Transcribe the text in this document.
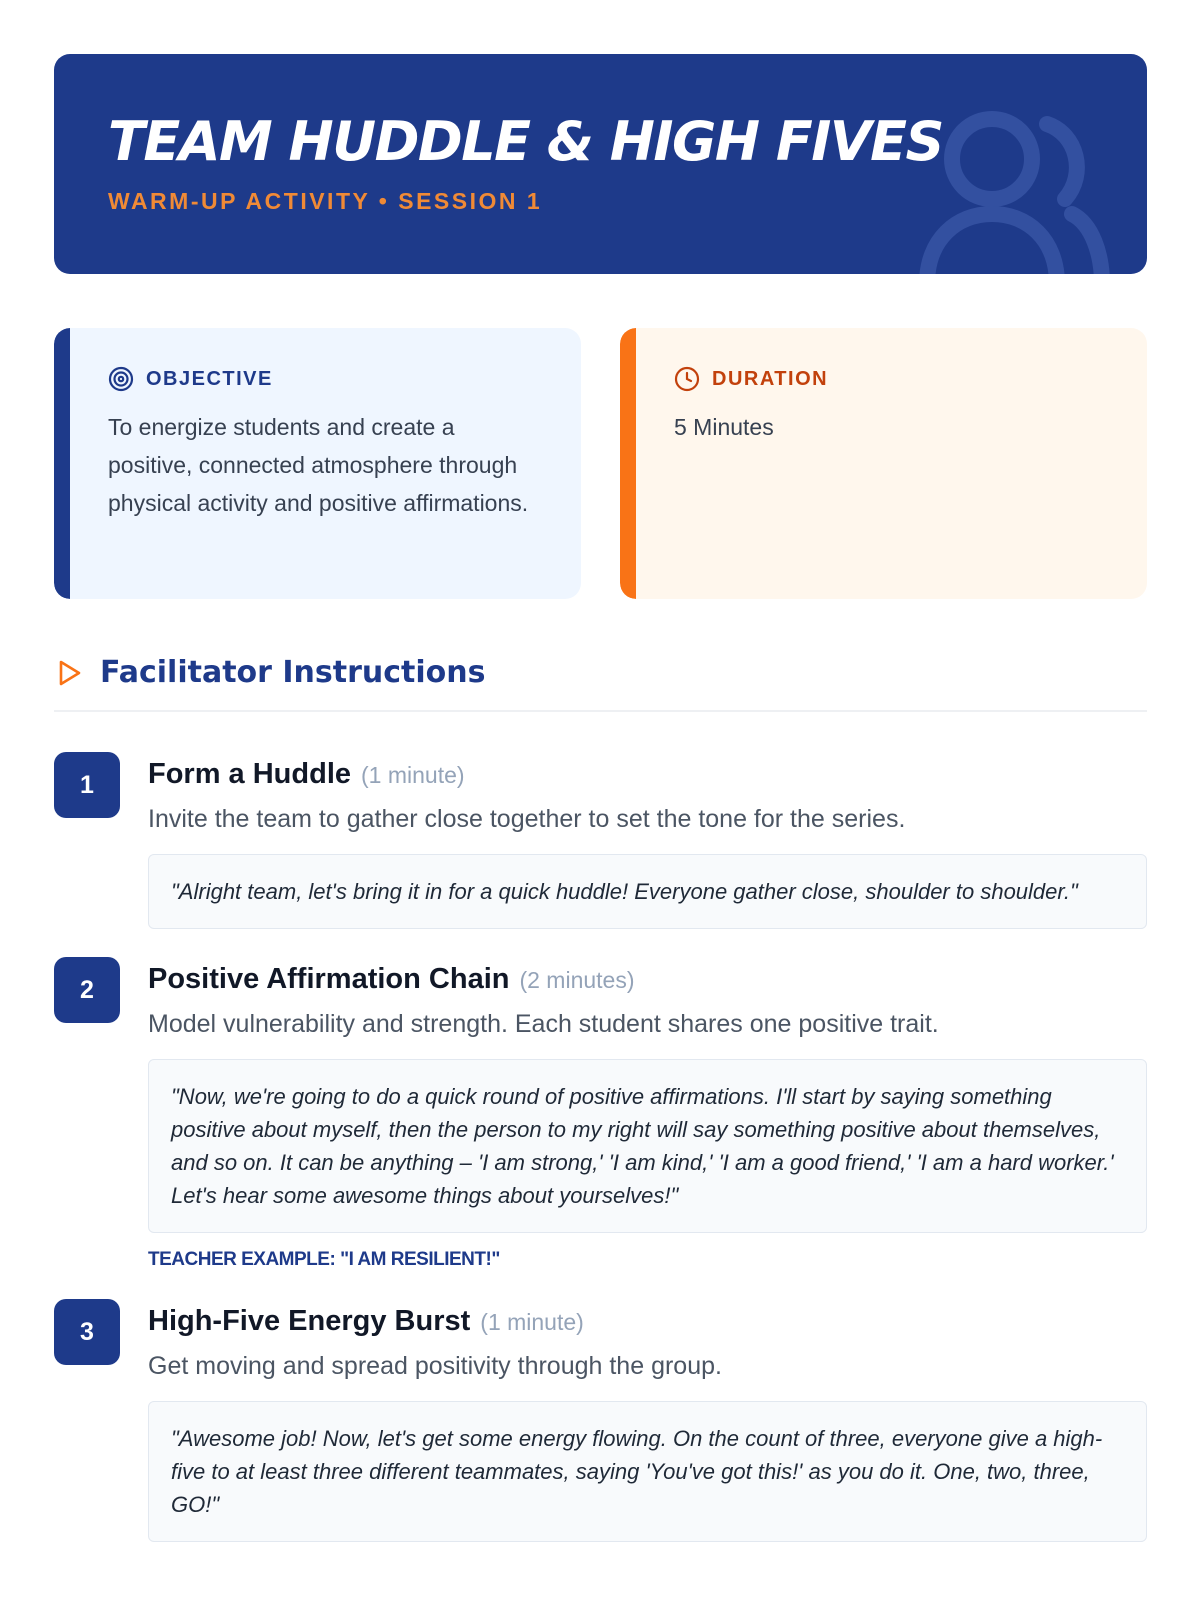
TEAM HUDDLE & HIGH FIVES
WARM-UP ACTIVITY • SESSION 1
OBJECTIVE
To energize students and create a positive, connected atmosphere through physical activity and positive affirmations.
DURATION
5 Minutes
Facilitator Instructions
1	Form a Huddle (1 minute)
Invite the team to gather close together to set the tone for the series.
"Alright team, let's bring it in for a quick huddle! Everyone gather close, shoulder to shoulder."
2	Positive Affirmation Chain (2 minutes)
Model vulnerability and strength. Each student shares one positive trait.
"Now, we're going to do a quick round of positive affirmations. I'll start by saying something positive about myself, then the person to my right will say something positive about themselves, and so on. It can be anything – 'I am strong,' 'I am kind,' 'I am a good friend,' 'I am a hard worker.' Let's hear some awesome things about yourselves!"
TEACHER EXAMPLE: "I AM RESILIENT!"
3	High-Five Energy Burst (1 minute)
Get moving and spread positivity through the group.
"Awesome job! Now, let's get some energy flowing. On the count of three, everyone give a high-five to at least three different teammates, saying 'You've got this!' as you do it. One, two, three, GO!"
